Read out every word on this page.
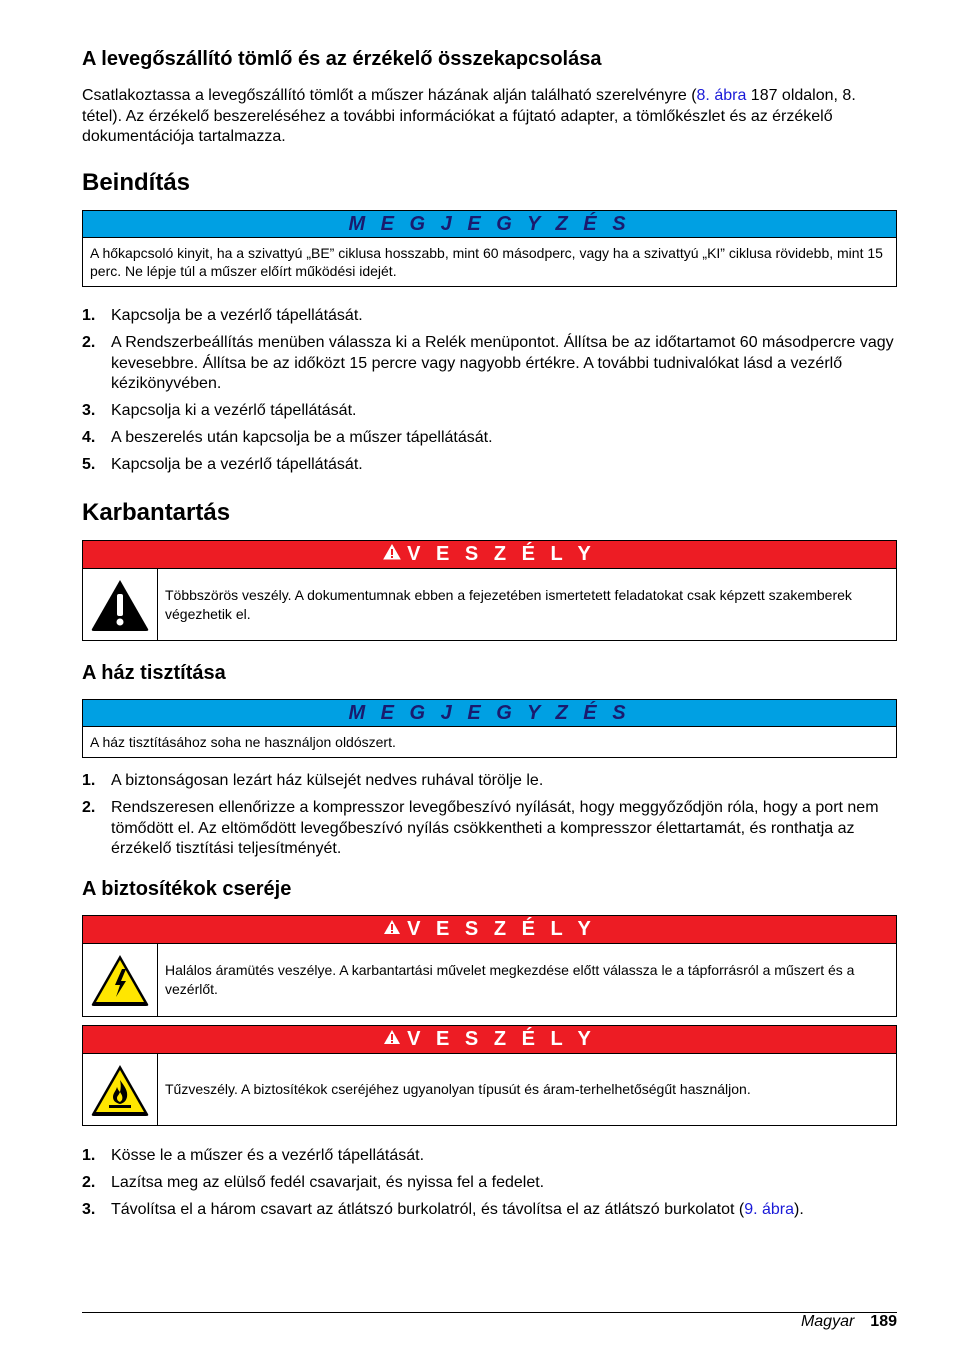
A levegőszállító tömlő és az érzékelő összekapcsolása

Csatlakoztassa a levegőszállító tömlőt a műszer házának alján található szerelvényre (8. ábra 187 oldalon, 8. tétel). Az érzékelő beszereléséhez a további információkat a fújtató adapter, a tömlőkészlet és az érzékelő dokumentációja tartalmazza.

Beindítás
M E G J E G Y Z É S
A hőkapcsoló kinyit, ha a szivattyú „BE” ciklusa hosszabb, mint 60 másodperc, vagy ha a szivattyú „KI” ciklusa rövidebb, mint 15 perc. Ne lépje túl a műszer előírt működési idejét.
1. Kapcsolja be a vezérlő tápellátását.
2. A Rendszerbeállítás menüben válassza ki a Relék menüpontot. Állítsa be az időtartamot 60 másodpercre vagy kevesebbre. Állítsa be az időközt 15 percre vagy nagyobb értékre. A további tudnivalókat lásd a vezérlő kézikönyvében.
3. Kapcsolja ki a vezérlő tápellátását.
4. A beszerelés után kapcsolja be a műszer tápellátását.
5. Kapcsolja be a vezérlő tápellátását.
Karbantartás
V E S Z É L Y
Többszörös veszély. A dokumentumnak ebben a fejezetében ismertetett feladatokat csak képzett szakemberek végezhetik el.
A ház tisztítása
M E G J E G Y Z É S
A ház tisztításához soha ne használjon oldószert.
1. A biztonságosan lezárt ház külsejét nedves ruhával törölje le.
2. Rendszeresen ellenőrizze a kompresszor levegőbeszívó nyílását, hogy meggyőződjön róla, hogy a port nem tömődött el. Az eltömődött levegőbeszívó nyílás csökkentheti a kompresszor élettartamát, és ronthatja az érzékelő tisztítási teljesítményét.
A biztosítékok cseréje
V E S Z É L Y
Halálos áramütés veszélye. A karbantartási művelet megkezdése előtt válassza le a tápforrásról a műszert és a vezérlőt.
V E S Z É L Y
Tűzveszély. A biztosítékok cseréjéhez ugyanolyan típusút és áram-terhelhetőségűt használjon.
1. Kösse le a műszer és a vezérlő tápellátását.
2. Lazítsa meg az elülső fedél csavarjait, és nyissa fel a fedelet.
3. Távolítsa el a három csavart az átlátszó burkolatról, és távolítsa el az átlátszó burkolatot (9. ábra).
Magyar 189
